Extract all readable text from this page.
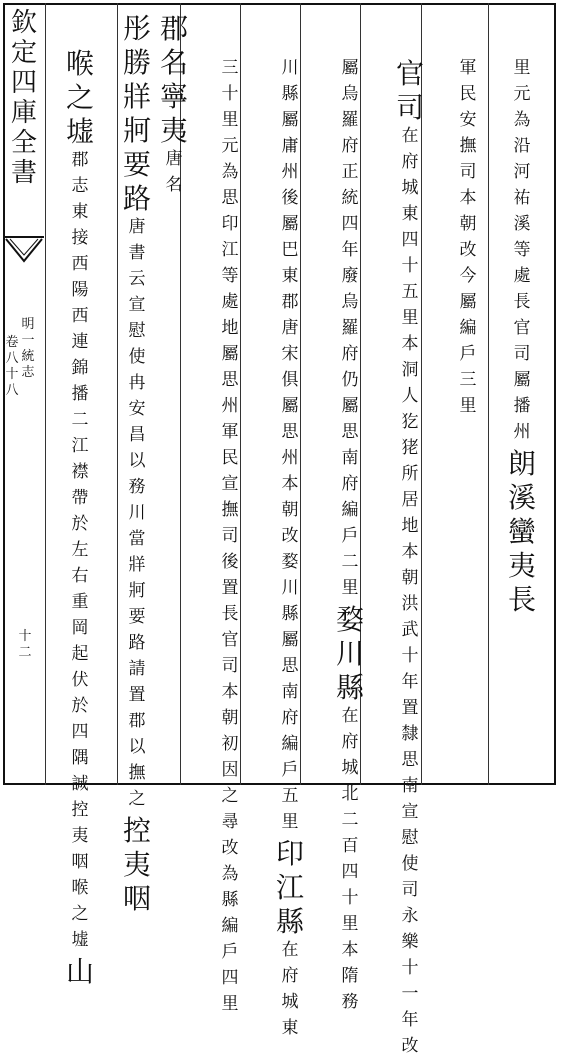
欽
定
四
庫
全
書
明
一
統
志
卷
八
十
八
十
二
里
元
為
沿
河
祐
溪
等
處
長
官
司
屬
播
州
朗
溪
蠻
夷
長
軍
民
安
撫
司
本
朝
改
今
屬
編
戶
三
里
官
司
在
府
城
東
四
十
五
里
本
洞
人
犵
狫
所
居
地
本
朝
洪
武
十
年
置
隸
思
南
宣
慰
使
司
永
樂
十
一
年
改
屬
烏
羅
府
正
統
四
年
廢
烏
羅
府
仍
屬
思
南
府
編
戶
二
里
婺
川
縣
在
府
城
北
二
百
四
十
里
本
隋
務
川
縣
屬
庸
州
後
屬
巴
東
郡
唐
宋
俱
屬
思
州
本
朝
改
婺
川
縣
屬
思
南
府
編
戶
五
里
印
江
縣
在
府
城
東
三
十
里
元
為
思
印
江
等
處
地
屬
思
州
軍
民
宣
撫
司
後
置
長
官
司
本
朝
初
因
之
尋
改
為
縣
編
戶
四
里
郡
名
寧
夷
唐
名
彤
勝
牂
牁
要
路
唐
書
云
宣
慰
使
冉
安
昌
以
務
川
當
牂
牁
要
路
請
置
郡
以
撫
之
控
夷
咽
喉
之
墟
郡
志
東
接
西
陽
西
連
錦
播
二
江
襟
帶
於
左
右
重
岡
起
伏
於
四
隅
誠
控
夷
咽
喉
之
墟
山
